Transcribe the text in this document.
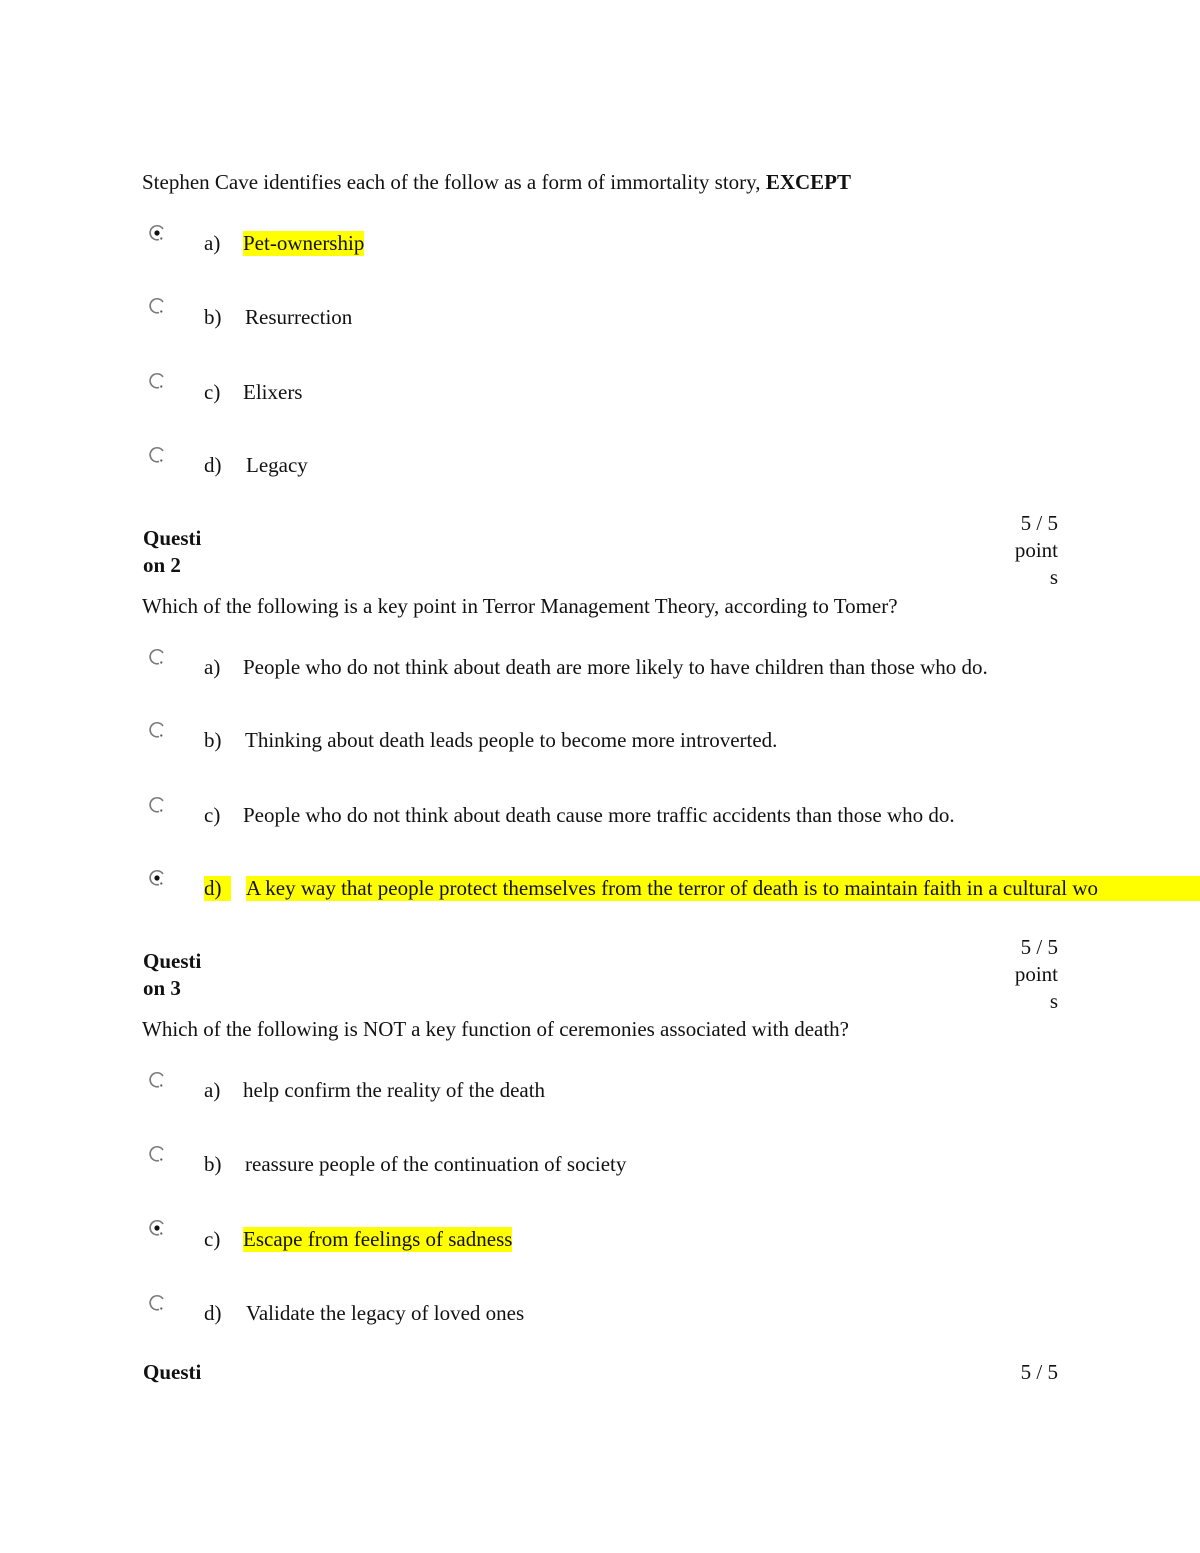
Stephen Cave identifies each of the follow as a form of immortality story, EXCEPT
a) Pet-ownership
b) Resurrection
c) Elixers
d) Legacy
Questi
on 2
5 / 5
point
s
Which of the following is a key point in Terror Management Theory, according to Tomer?
a) People who do not think about death are more likely to have children than those who do.
b) Thinking about death leads people to become more introverted.
c) People who do not think about death cause more traffic accidents than those who do.
d)	A key way that people protect themselves from the terror of death is to maintain faith in a cultural wo
Questi
on 3
5 / 5
point
s
Which of the following is NOT a key function of ceremonies associated with death?
a) help confirm the reality of the death
b) reassure people of the continuation of society
c) Escape from feelings of sadness
d) Validate the legacy of loved ones
Questi	5 / 5
